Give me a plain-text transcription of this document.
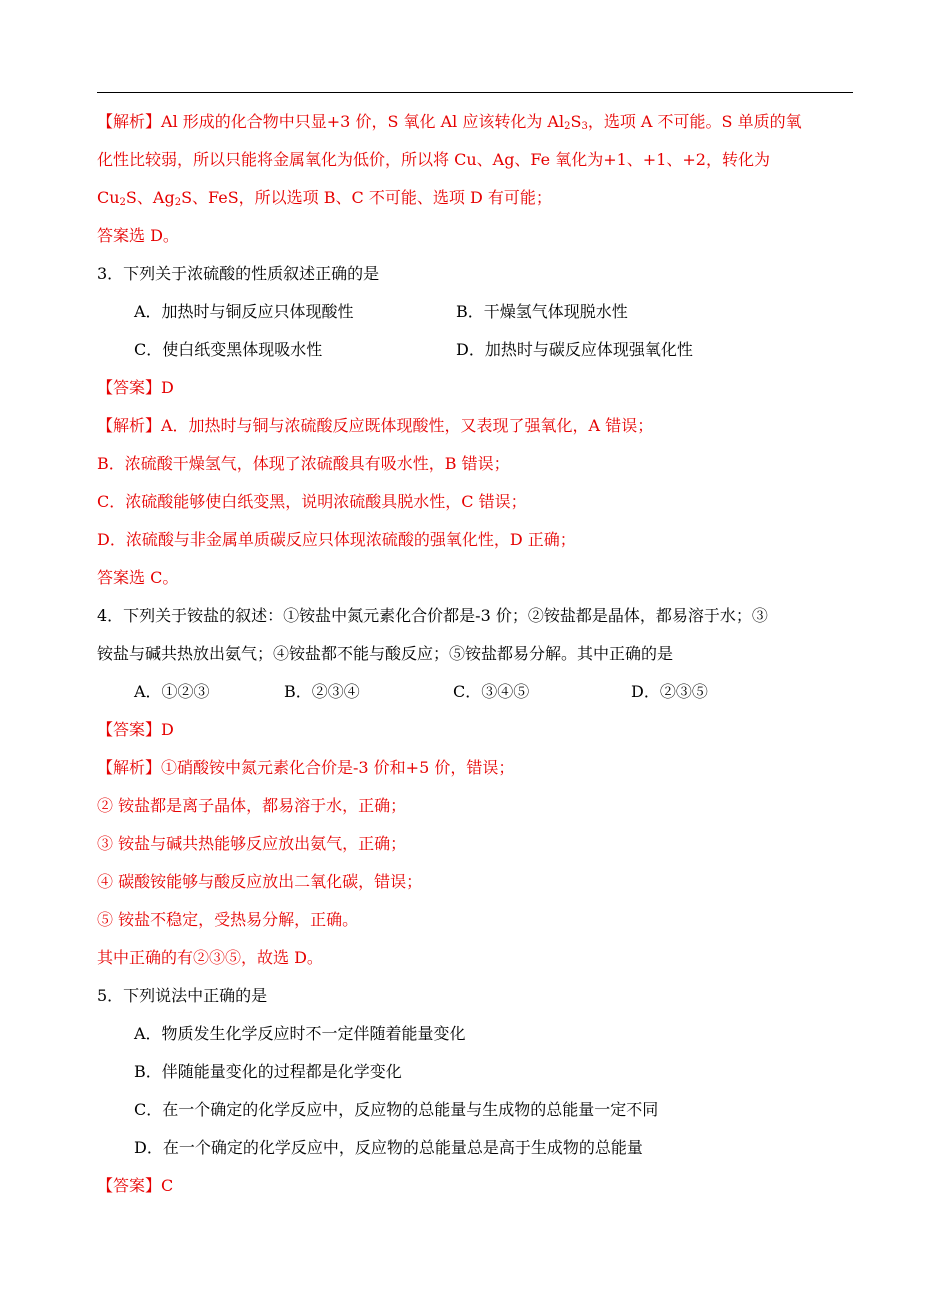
【解析】Al 形成的化合物中只显+3 价，S 氧化 Al 应该转化为 $Al_2S_3$，选项 A 不可能。S 单质的氧
化性比较弱，所以只能将金属氧化为低价，所以将 Cu、Ag、Fe 氧化为+1、+1、+2，转化为
$Cu_2S$、$Ag_2S$、FeS，所以选项 B、C 不可能、选项 D 有可能；
答案选 D。
3．下列关于浓硫酸的性质叙述正确的是
A．加热时与铜反应只体现酸性	B．干燥氢气体现脱水性
C．使白纸变黑体现吸水性	D．加热时与碳反应体现强氧化性
【答案】D
【解析】A．加热时与铜与浓硫酸反应既体现酸性，又表现了强氧化，A 错误；
B．浓硫酸干燥氢气，体现了浓硫酸具有吸水性，B 错误；
C．浓硫酸能够使白纸变黑，说明浓硫酸具脱水性，C 错误；
D．浓硫酸与非金属单质碳反应只体现浓硫酸的强氧化性，D 正确；
答案选 C。
4．下列关于铵盐的叙述：①铵盐中氮元素化合价都是-3 价；②铵盐都是晶体，都易溶于水；③
铵盐与碱共热放出氨气；④铵盐都不能与酸反应；⑤铵盐都易分解。其中正确的是
A．①②③	B．②③④	C．③④⑤	D．②③⑤
【答案】D
【解析】①硝酸铵中氮元素化合价是-3 价和+5 价，错误；
② 铵盐都是离子晶体，都易溶于水，正确；
③ 铵盐与碱共热能够反应放出氨气，正确；
④ 碳酸铵能够与酸反应放出二氧化碳，错误；
⑤ 铵盐不稳定，受热易分解，正确。
其中正确的有②③⑤，故选 D。
5．下列说法中正确的是
A．物质发生化学反应时不一定伴随着能量变化
B．伴随能量变化的过程都是化学变化
C．在一个确定的化学反应中，反应物的总能量与生成物的总能量一定不同
D．在一个确定的化学反应中，反应物的总能量总是高于生成物的总能量
【答案】C
